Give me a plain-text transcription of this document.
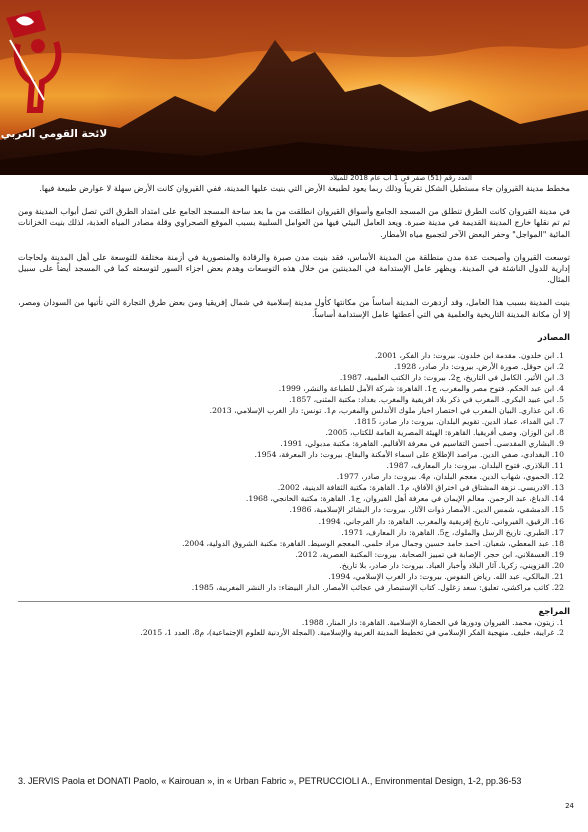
لائحة القومي العربي
العدد رقم (51) صفر في 1 أب عام 2018 للميلاد

مخطط مدينة القيروان جاء مستطيل الشكل تقريباً وذلك ربما يعود لطبيعة الأرض التي بنيت عليها المدينة، ففي القيروان كانت الأرض سهلة لا عوارض طبيعة فيها.

في مدينة القيروان كانت الطرق تنطلق من المسجد الجامع وأسواق القيروان انطلقت من ما بعد ساحة المسجد الجامع على امتداد الطرق التي تصل أبواب المدينة ومن ثم تم نقلها خارج المدينة القديمة في مدينة صبرة. ويعد العامل البيئي فيها من العوامل السلبية بسبب الموقع الصحراوي وقلة مصادر المياه العذبة، لذلك بنيت الخزانات المائية "المواجل" وحفر البعض الآخر لتجميع مياه الأمطار.

توسعت القيروان وأصبحت عدة مدن منطلقة من المدينة الأساس، فقد بنيت مدن صبرة والرقادة والمنصورية في أزمنة مختلفة للتوسعة على أهل المدينة ولحاجات إدارية للدول الناشئة في المدينة. ويظهر عامل الإستدامة في المدينتين من خلال هذه التوسعات وهدم بعض اجزاء السور لتوسعته كما في المسجد أيضاً على سبيل المثال.

بنيت المدينة بسبب هذا العامل، وقد أزدهرت المدينة أساساً من مكانتها كأول مدينة إسلامية في شمال إفريقيا ومن بعض طرق التجارة التي تأتيها من السودان ومصر، إلا أن مكانة المدينة التاريخية والعلمية هي التي أعطتها عامل الإستدامة أساساً.

المصادر
1. ابن خلدون. مقدمة ابن خلدون. بيروت: دار الفكر، 2001.
2. ابن حوقل. صورة الأرض. بيروت: دار صادر، 1928.
3. ابن الأثير. الكامل في التاريخ، ج2. بيروت: دار الكتب العلمية، 1987.
4. ابن عبد الحكم. فتوح مصر والمغرب، ج1. القاهرة: شركة الأمل للطباعة والنشر، 1999.
5. ابي عبيد البكري. المغرب في ذكر بلاد افريقية والمغرب. بغداد: مكتبة المثنى، 1857.
6. ابن عذاري. البيان المغرب في اختصار اخبار ملوك الأندلس والمغرب، م1. تونس: دار الغرب الإسلامي، 2013.
7. ابي الفداء، عماد الدين. تقويم البلدان. بيروت: دار صادر، 1815.
8. ابن الوزان. وصف أفريقيا. القاهرة: الهيئة المصرية العامة للكتاب، 2005.
9. البشاري المقدسي. أحسن التقاسيم في معرفة الأقاليم. القاهرة: مكتبة مدبولي، 1991.
10. البغدادي، صفي الدين. مراصد الإطلاع على اسماء الأمكنة والبقاع. بيروت: دار المعرفة، 1954.
11. البلاذري. فتوح البلدان. بيروت: دار المعارف، 1987.
12. الحموي، شهاب الدين. معجم البلدان، م4. بيروت: دار صادر، 1977.
13. الادريسي. نزهة المشتاق في اختراق الآفاق، م1. القاهرة: مكتبة الثقافة الدينية، 2002.
14. الدباغ، عبد الرحمن. معالم الإيمان في معرفة أهل القيروان، ج1. القاهرة: مكتبة الخانجي، 1968.
15. الدمشقي، شمس الدين. الأمصار ذوات الآثار. بيروت: دار البشائر الإسلامية، 1986.
16. الرقيق، القيرواني. تاريخ إفريقية والمغرب. القاهرة: دار الفرجاني، 1994.
17. الطبري. تاريخ الرسل والملوك، ج5. القاهرة: دار المعارف، 1971.
18. عبد المعطي، شعبان. احمد حامد حسين وجمال مراد حلمي. المعجم الوسيط. القاهرة: مكتبة الشروق الدولية، 2004.
19. العسقلاني، ابن حجر. الإصابة في تمييز الصحابة. بيروت: المكتبة العصرية، 2012.
20. القزويني، زكريا. آثار البلاد وأخبار العباد. بيروت: دار صادر، بلا تاريخ.
21. المالكي، عبد الله. رياض النفوس. بيروت: دار الغرب الإسلامي، 1994.
22. كاتب مراكشي، تعليق: سعد زغلول. كتاب الإستبصار في عجائب الأمصار. الدار البيضاء: دار النشر المغربية، 1985.
المراجع
1. زيتون، محمد. القيروان ودورها في الحضارة الإسلامية. القاهرة: دار المنار، 1988.
2. غرايبة، خليف. منهجية الفكر الإسلامي في تخطيط المدينة العربية والإسلامية. (المجلة الأردنية للعلوم الإجتماعية)، م8، العدد 1، 2015.
3. JERVIS Paola et DONATI Paolo, « Kairouan », in « Urban Fabric », PETRUCCIOLI A., Environmental Design, 1-2, pp.36-53
24
